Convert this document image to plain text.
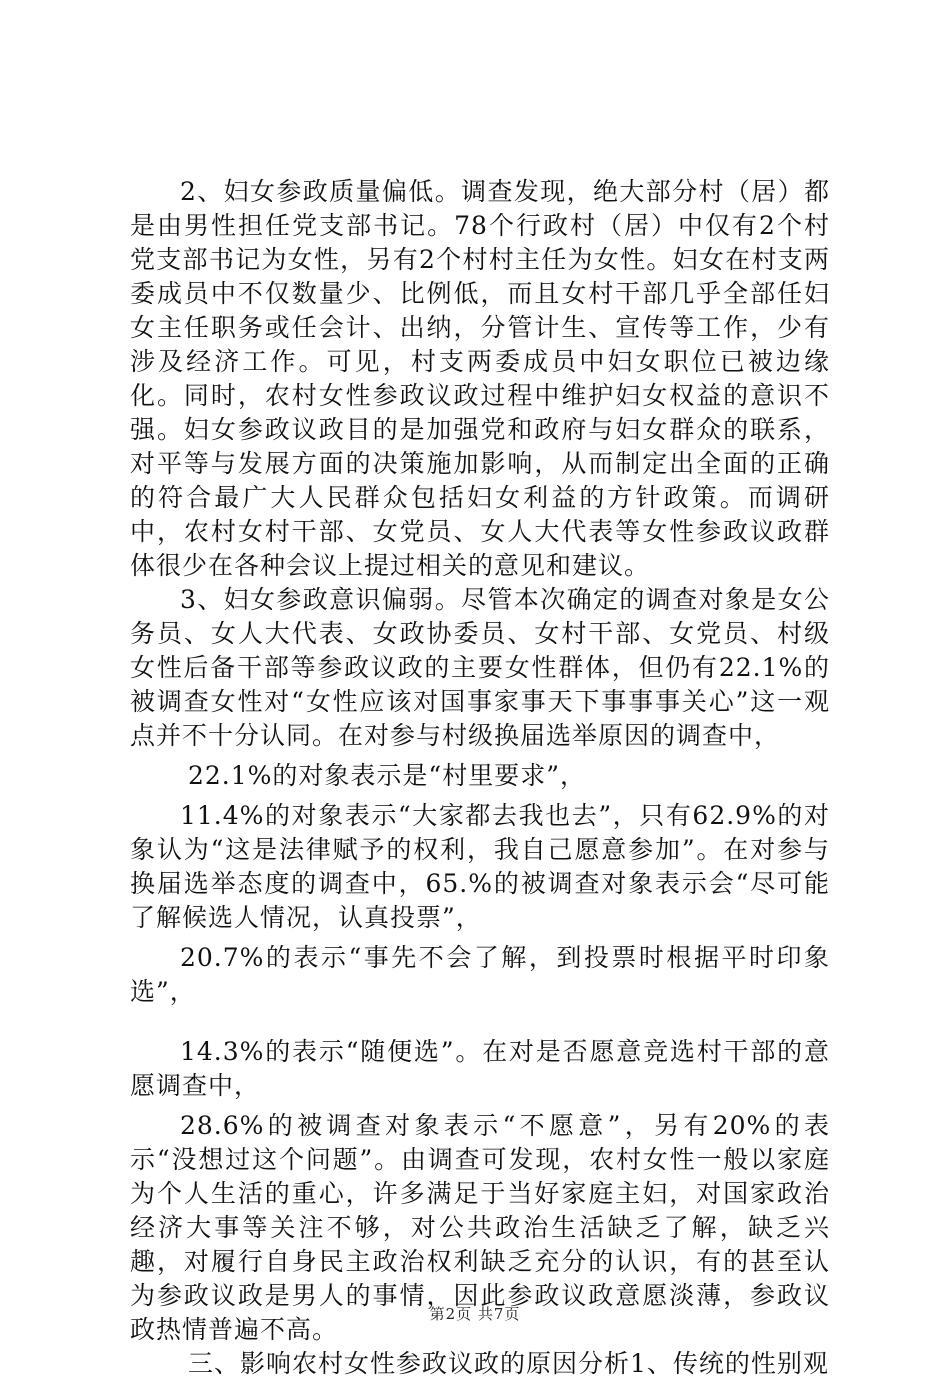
2、妇女参政质量偏低。调查发现，绝大部分村（居）都是由男性担任党支部书记。78个行政村（居）中仅有2个村党支部书记为女性，另有2个村村主任为女性。妇女在村支两委成员中不仅数量少、比例低，而且女村干部几乎全部任妇女主任职务或任会计、出纳，分管计生、宣传等工作，少有涉及经济工作。可见，村支两委成员中妇女职位已被边缘化。同时，农村女性参政议政过程中维护妇女权益的意识不强。妇女参政议政目的是加强党和政府与妇女群众的联系，对平等与发展方面的决策施加影响，从而制定出全面的正确的符合最广大人民群众包括妇女利益的方针政策。而调研中，农村女村干部、女党员、女人大代表等女性参政议政群体很少在各种会议上提过相关的意见和建议。

3、妇女参政意识偏弱。尽管本次确定的调查对象是女公务员、女人大代表、女政协委员、女村干部、女党员、村级女性后备干部等参政议政的主要女性群体，但仍有22.1%的被调查女性对“女性应该对国事家事天下事事事关心”这一观点并不十分认同。在对参与村级换届选举原因的调查中，

22.1%的对象表示是“村里要求”，

11.4%的对象表示“大家都去我也去”，只有62.9%的对象认为“这是法律赋予的权利，我自己愿意参加”。在对参与换届选举态度的调查中，65.%的被调查对象表示会“尽可能了解候选人情况，认真投票”，

20.7%的表示“事先不会了解，到投票时根据平时印象选”，

14.3%的表示“随便选”。在对是否愿意竞选村干部的意愿调查中，

28.6%的被调查对象表示“不愿意”，另有20%的表示“没想过这个问题”。由调查可发现，农村女性一般以家庭为个人生活的重心，许多满足于当好家庭主妇，对国家政治经济大事等关注不够，对公共政治生活缺乏了解，缺乏兴趣，对履行自身民主政治权利缺乏充分的认识，有的甚至认为参政议政是男人的事情，因此参政议政意愿淡薄，参政议政热情普遍不高。

三、影响农村女性参政议政的原因分析1、传统的性别观

第2页 共7页
